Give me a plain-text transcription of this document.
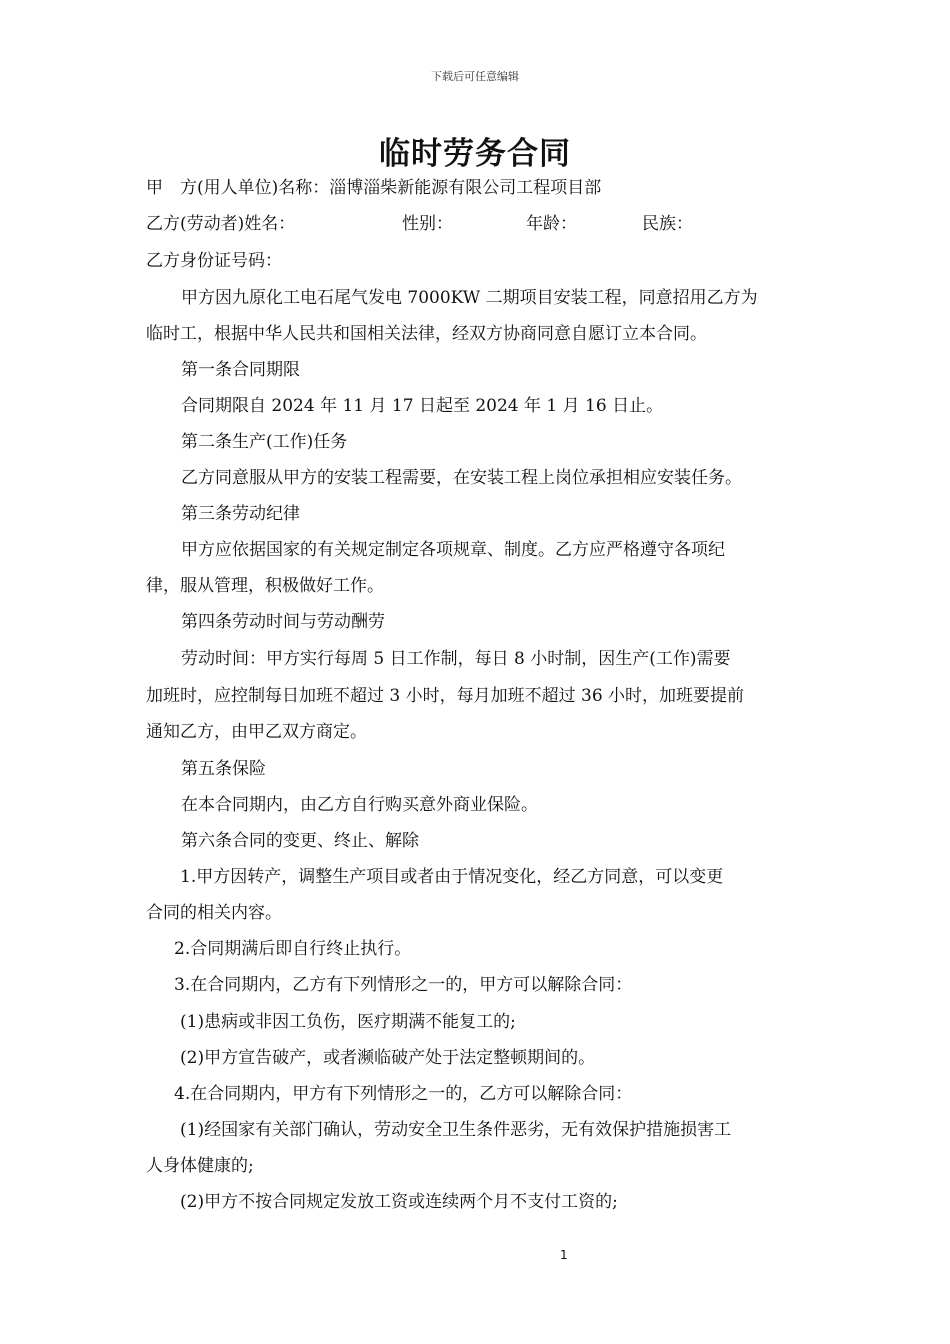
下载后可任意编辑
临时劳务合同
甲　方(用人单位)名称：淄博淄柴新能源有限公司工程项目部
乙方(劳动者)姓名：	性别：	年龄：	民族：
乙方身份证号码：
甲方因九原化工电石尾气发电 7000KW 二期项目安装工程，同意招用乙方为
临时工，根据中华人民共和国相关法律，经双方协商同意自愿订立本合同。
第一条合同期限
合同期限自 2024 年 11 月 17 日起至 2024 年 1 月 16 日止。
第二条生产(工作)任务
乙方同意服从甲方的安装工程需要，在安装工程上岗位承担相应安装任务。
第三条劳动纪律
甲方应依据国家的有关规定制定各项规章、制度。乙方应严格遵守各项纪
律，服从管理，积极做好工作。
第四条劳动时间与劳动酬劳
劳动时间：甲方实行每周 5 日工作制，每日 8 小时制，因生产(工作)需要
加班时，应控制每日加班不超过 3 小时，每月加班不超过 36 小时，加班要提前
通知乙方，由甲乙双方商定。
第五条保险
在本合同期内，由乙方自行购买意外商业保险。
第六条合同的变更、终止、解除
1.甲方因转产，调整生产项目或者由于情况变化，经乙方同意，可以变更
合同的相关内容。
2.合同期满后即自行终止执行。
3.在合同期内，乙方有下列情形之一的，甲方可以解除合同：
(1)患病或非因工负伤，医疗期满不能复工的;
(2)甲方宣告破产，或者濒临破产处于法定整顿期间的。
4.在合同期内，甲方有下列情形之一的，乙方可以解除合同：
(1)经国家有关部门确认，劳动安全卫生条件恶劣，无有效保护措施损害工
人身体健康的;
(2)甲方不按合同规定发放工资或连续两个月不支付工资的;
1
